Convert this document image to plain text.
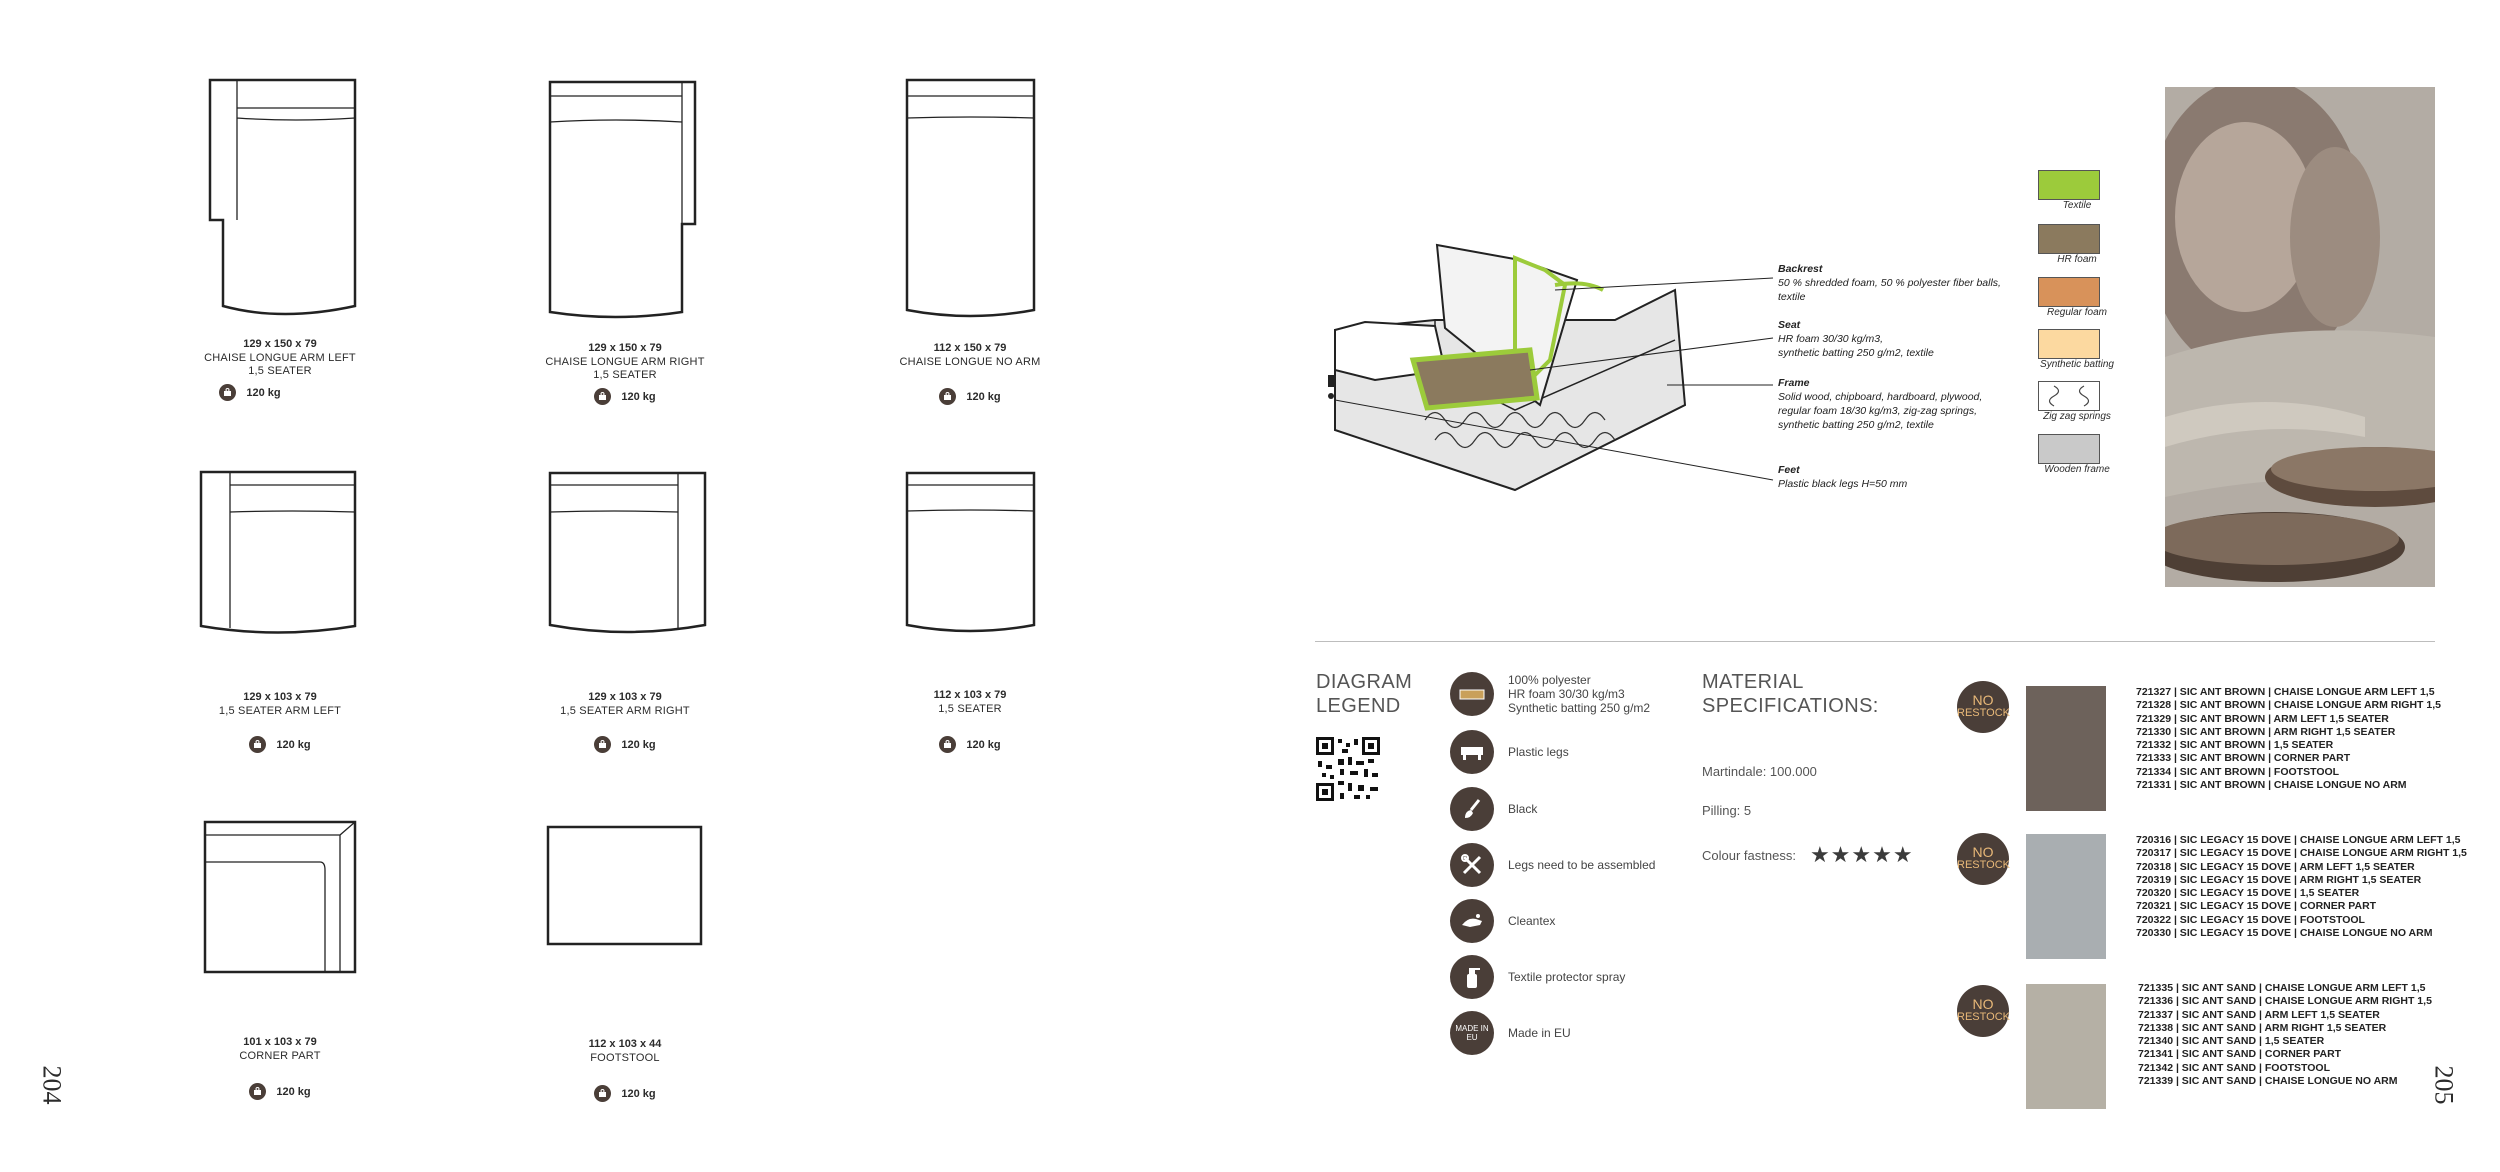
129 x 150 x 79
CHAISE LONGUE ARM LEFT
1,5 SEATER
120 kg
129 x 150 x 79
CHAISE LONGUE ARM RIGHT
1,5 SEATER
120 kg
112 x 150 x 79
CHAISE LONGUE NO ARM
120 kg
129 x 103 x 79
1,5 SEATER ARM LEFT
120 kg
129 x 103 x 79
1,5 SEATER ARM RIGHT
120 kg
112 x 103 x 79
1,5 SEATER
120 kg
101 x 103 x 79
CORNER PART
120 kg
112 x 103 x 44
FOOTSTOOL
120 kg
204
Backrest
50 % shredded foam, 50 % polyester fiber balls,
textile
Seat
HR foam 30/30 kg/m3,
synthetic batting 250 g/m2, textile
Frame
Solid wood, chipboard, hardboard, plywood,
regular foam 18/30 kg/m3, zig-zag springs,
synthetic batting 250 g/m2, textile
Feet
Plastic black legs H=50 mm
Textile
HR foam
Regular foam
Synthetic batting
Zig zag springs
Wooden frame
DIAGRAM
LEGEND
100% polyester
HR foam 30/30 kg/m3
Synthetic batting 250 g/m2
Plastic legs
Black
Legs need to be assembled
Cleantex
Textile protector spray
MADE IN EU	Made in EU
MATERIAL
SPECIFICATIONS:
Martindale: 100.000
Pilling: 5
Colour fastness: ★★★★★
NO
RESTOCK
721327 | SIC ANT BROWN | CHAISE LONGUE ARM LEFT 1,5
721328 | SIC ANT BROWN | CHAISE LONGUE ARM RIGHT 1,5
721329 | SIC ANT BROWN | ARM LEFT 1,5 SEATER
721330 | SIC ANT BROWN | ARM RIGHT 1,5 SEATER
721332 | SIC ANT BROWN | 1,5 SEATER
721333 | SIC ANT BROWN | CORNER PART
721334 | SIC ANT BROWN | FOOTSTOOL
721331 | SIC ANT BROWN | CHAISE LONGUE NO ARM
NO
RESTOCK
720316 | SIC LEGACY 15 DOVE | CHAISE LONGUE ARM LEFT 1,5
720317 | SIC LEGACY 15 DOVE | CHAISE LONGUE ARM RIGHT 1,5
720318 | SIC LEGACY 15 DOVE | ARM LEFT 1,5 SEATER
720319 | SIC LEGACY 15 DOVE | ARM RIGHT 1,5 SEATER
720320 | SIC LEGACY 15 DOVE | 1,5 SEATER
720321 | SIC LEGACY 15 DOVE | CORNER PART
720322 | SIC LEGACY 15 DOVE | FOOTSTOOL
720330 | SIC LEGACY 15 DOVE | CHAISE LONGUE NO ARM
NO
RESTOCK
721335 | SIC ANT SAND | CHAISE LONGUE ARM LEFT 1,5
721336 | SIC ANT SAND | CHAISE LONGUE ARM RIGHT 1,5
721337 | SIC ANT SAND | ARM LEFT 1,5 SEATER
721338 | SIC ANT SAND | ARM RIGHT 1,5 SEATER
721340 | SIC ANT SAND | 1,5 SEATER
721341 | SIC ANT SAND | CORNER PART
721342 | SIC ANT SAND | FOOTSTOOL
721339 | SIC ANT SAND | CHAISE LONGUE NO ARM	205
